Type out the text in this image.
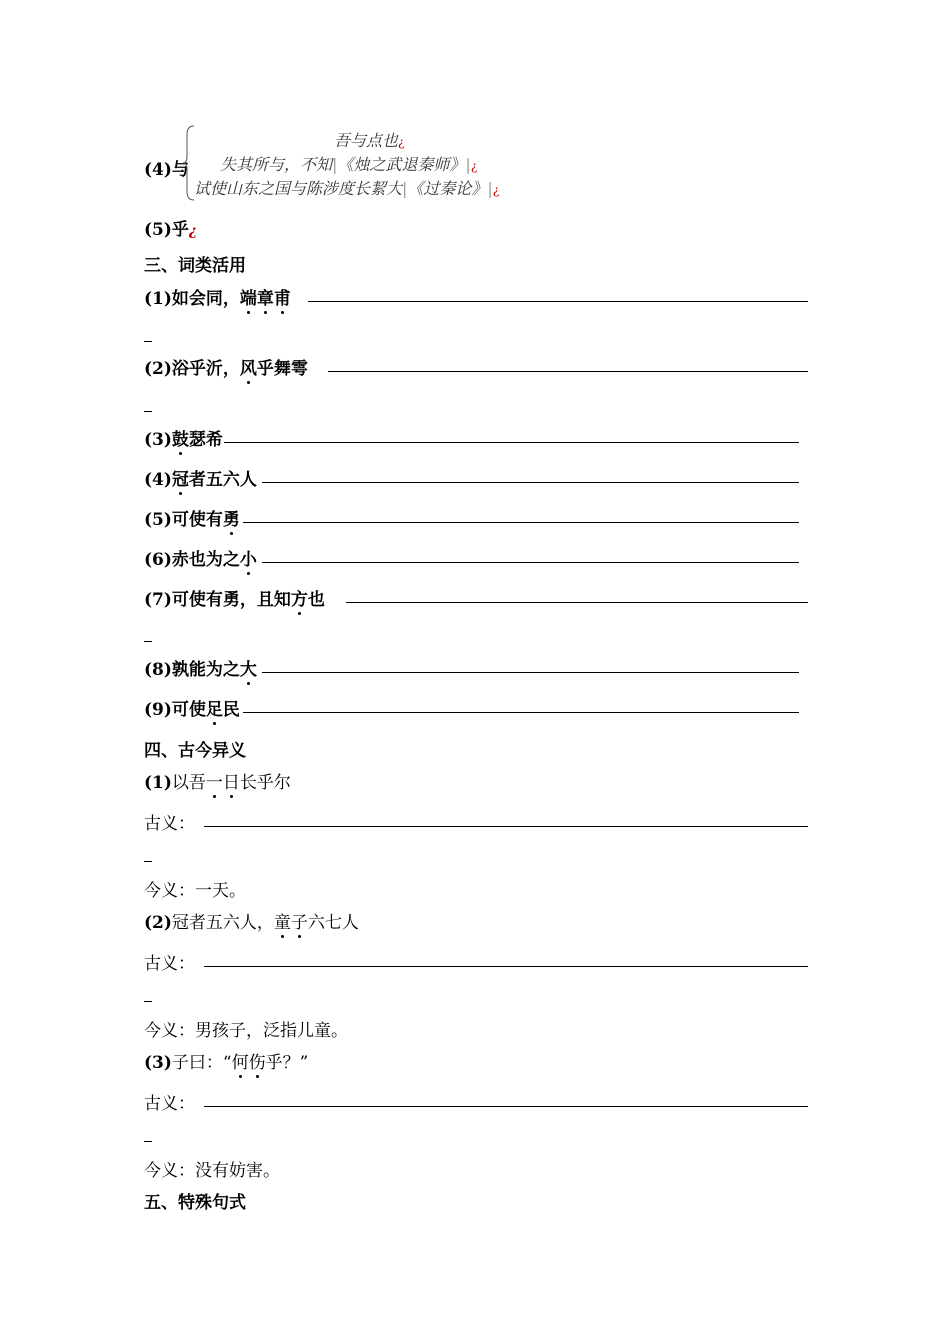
(4)与
吾与点也¿
失其所与，不知|《烛之武退秦师》|¿
试使山东之国与陈涉度长絜大|《过秦论》|¿
(5)乎¿
三、词类活用
(1)如会同，端章甫
(2)浴乎沂，风乎舞雩
(3)鼓瑟希
(4)冠者五六人
(5)可使有勇
(6)赤也为之小
(7)可使有勇，且知方也
(8)孰能为之大
(9)可使足民
四、古今异义
(1)以吾一日长乎尔
古义：
今义：一天。
(2)冠者五六人，童子六七人
古义：
今义：男孩子，泛指儿童。
(3)子曰：“何伤乎？”
古义：
今义：没有妨害。
五、特殊句式
